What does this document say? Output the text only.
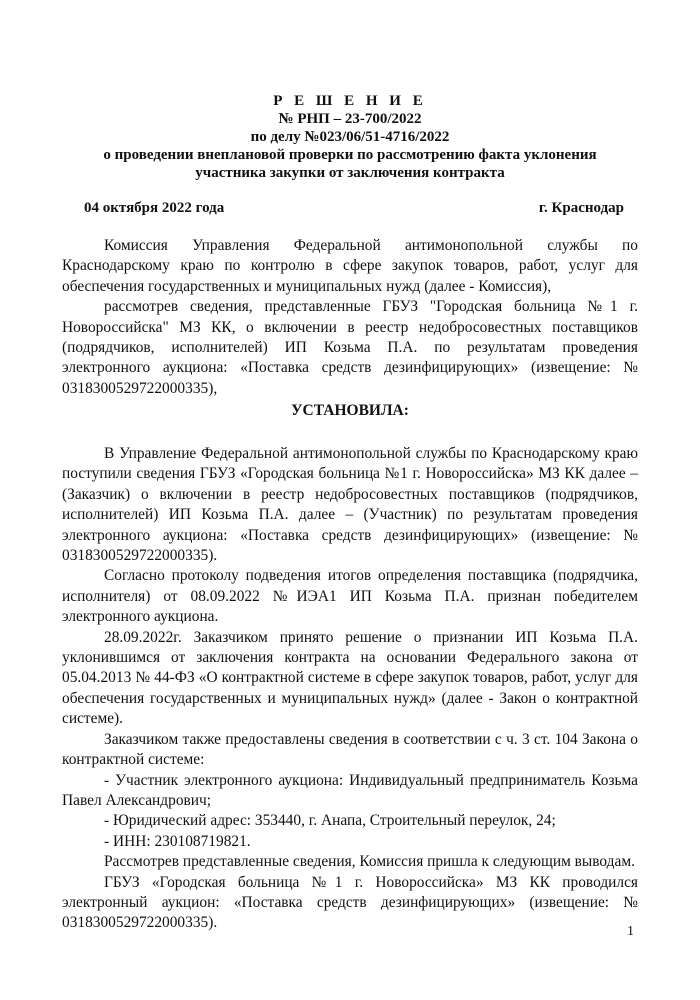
Р Е Ш Е Н И Е
№ РНП – 23-700/2022
по делу №023/06/51-4716/2022
о проведении внеплановой проверки по рассмотрению факта уклонения
участника закупки от заключения контракта
04 октября 2022 года	г. Краснодар

Комиссия Управления Федеральной антимонопольной службы по Краснодарскому краю по контролю в сфере закупок товаров, работ, услуг для обеспечения государственных и муниципальных нужд (далее - Комиссия),

рассмотрев сведения, представленные ГБУЗ "Городская больница №1 г. Новороссийска" МЗ КК, о включении в реестр недобросовестных поставщиков (подрядчиков, исполнителей) ИП Козьма П.А. по результатам проведения электронного аукциона: «Поставка средств дезинфицирующих» (извещение: № 0318300529722000335),

УСТАНОВИЛА:

В Управление Федеральной антимонопольной службы по Краснодарскому краю поступили сведения ГБУЗ «Городская больница №1 г. Новороссийска» МЗ КК далее – (Заказчик) о включении в реестр недобросовестных поставщиков (подрядчиков, исполнителей) ИП Козьма П.А. далее – (Участник) по результатам проведения электронного аукциона: «Поставка средств дезинфицирующих» (извещение: № 0318300529722000335).

Согласно протоколу подведения итогов определения поставщика (подрядчика, исполнителя) от 08.09.2022 №ИЭА1 ИП Козьма П.А. признан победителем электронного аукциона.

28.09.2022г. Заказчиком принято решение о признании ИП Козьма П.А. уклонившимся от заключения контракта на основании Федерального закона от 05.04.2013 № 44-ФЗ «О контрактной системе в сфере закупок товаров, работ, услуг для обеспечения государственных и муниципальных нужд» (далее - Закон о контрактной системе).

Заказчиком также предоставлены сведения в соответствии с ч. 3 ст. 104 Закона о контрактной системе:

- Участник электронного аукциона: Индивидуальный предприниматель Козьма Павел Александрович;

- Юридический адрес: 353440, г. Анапа, Строительный переулок, 24;

- ИНН: 230108719821.

Рассмотрев представленные сведения, Комиссия пришла к следующим выводам.

ГБУЗ «Городская больница №1 г. Новороссийска» МЗ КК проводился электронный аукцион: «Поставка средств дезинфицирующих» (извещение: № 0318300529722000335).

1
